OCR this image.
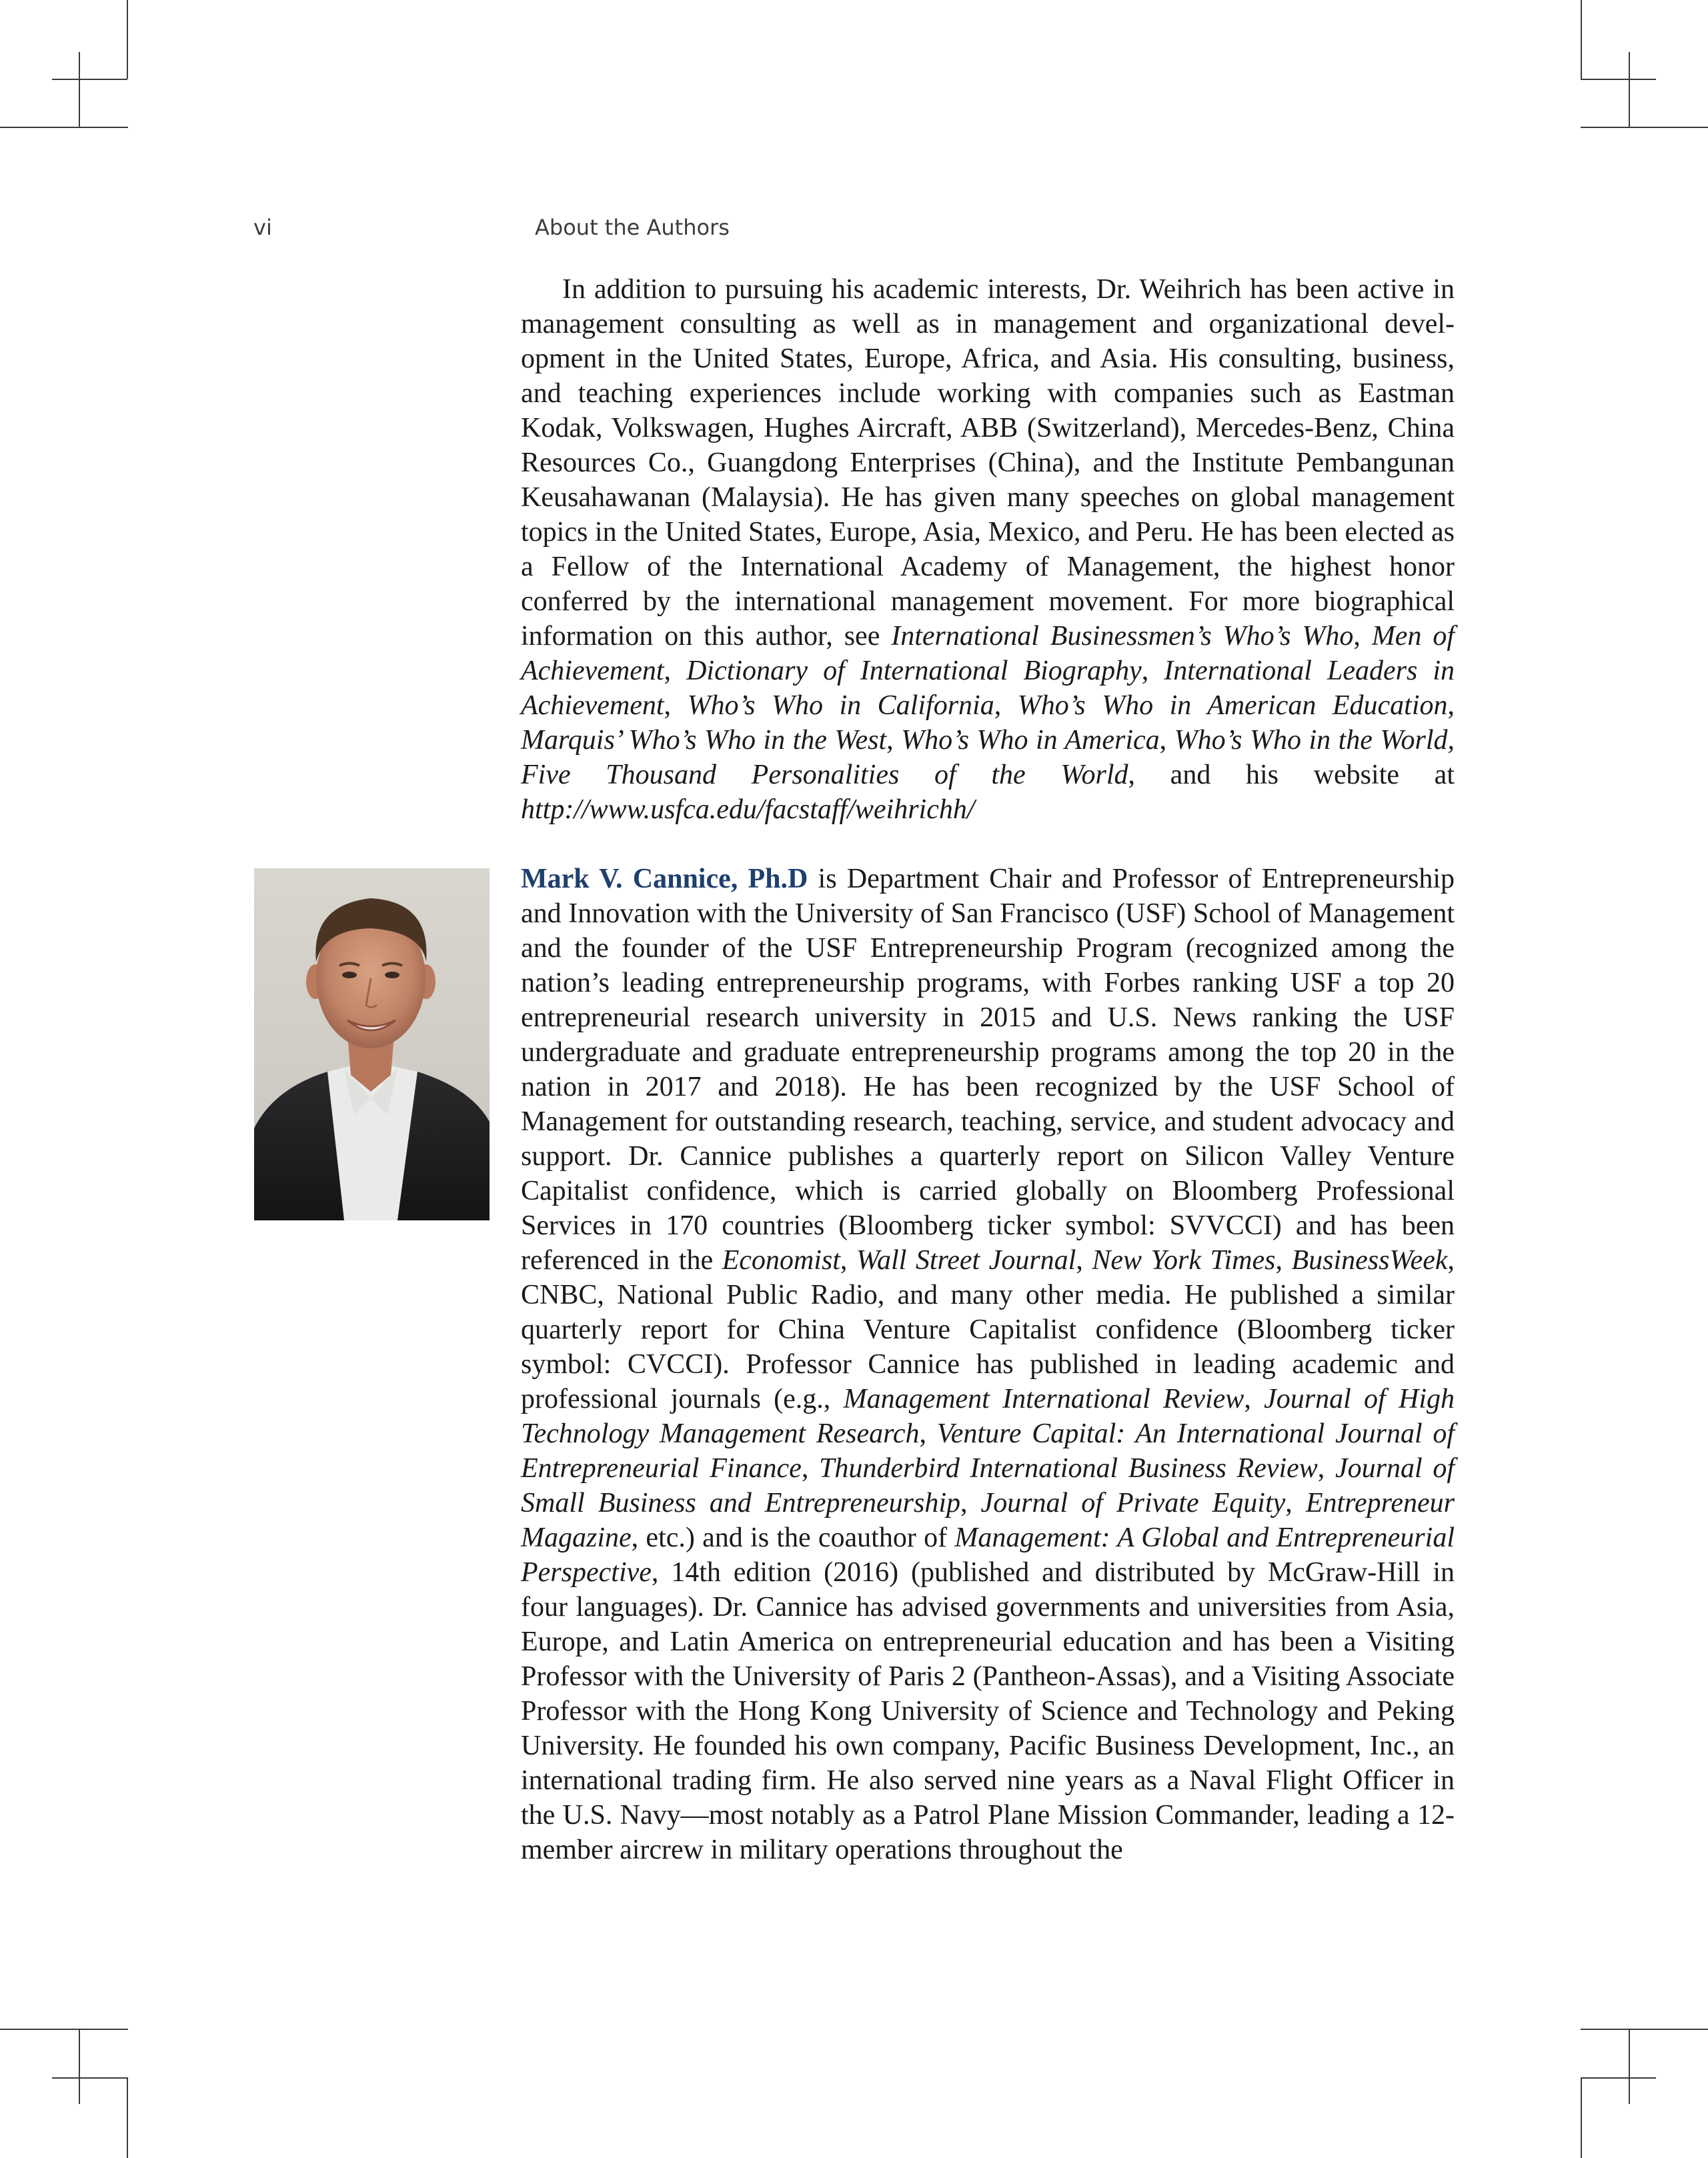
vi	About the Authors

In addition to pursuing his academic interests, Dr. Weihrich has been active in management consulting as well as in management and organizational devel-opment in the United States, Europe, Africa, and Asia. His consulting, business, and teaching experiences include working with companies such as Eastman Kodak, Volkswagen, Hughes Aircraft, ABB (Switzerland), Mercedes-Benz, China Resources Co., Guangdong Enterprises (China), and the Institute Pembangunan Keusahawanan (Malaysia). He has given many speeches on global management topics in the United States, Europe, Asia, Mexico, and Peru. He has been elected as a Fellow of the International Academy of Management, the highest honor conferred by the international management movement. For more biographical information on this author, see International Businessmen’s Who’s Who, Men of Achievement, Dictionary of International Biography, International Leaders in Achievement, Who’s Who in California, Who’s Who in American Education, Marquis’ Who’s Who in the West, Who’s Who in America, Who’s Who in the World, Five Thousand Personalities of the World, and his website at http://www.usfca.edu/facstaff/weihrichh/

Mark V. Cannice, Ph.D is Department Chair and Professor of Entrepreneurship and Innovation with the University of San Francisco (USF) School of Management and the founder of the USF Entrepreneurship Program (recognized among the nation’s leading entrepreneurship programs, with Forbes ranking USF a top 20 entrepreneurial research university in 2015 and U.S. News ranking the USF undergraduate and graduate entrepreneurship programs among the top 20 in the nation in 2017 and 2018). He has been recognized by the USF School of Management for outstanding research, teaching, service, and student advocacy and support. Dr. Cannice publishes a quarterly report on Silicon Valley Venture Capitalist confidence, which is carried globally on Bloomberg Professional Services in 170 countries (Bloomberg ticker symbol: SVVCCI) and has been referenced in the Economist, Wall Street Journal, New York Times, BusinessWeek, CNBC, National Public Radio, and many other media. He published a similar quarterly report for China Venture Capitalist confidence (Bloomberg ticker symbol: CVCCI). Professor Cannice has published in leading academic and professional journals (e.g., Management International Review, Journal of High Technology Management Research, Venture Capital: An International Journal of Entrepreneurial Finance, Thunderbird International Business Review, Journal of Small Business and Entrepreneurship, Journal of Private Equity, Entrepreneur Magazine, etc.) and is the coauthor of Management: A Global and Entrepreneurial Perspective, 14th edition (2016) (published and distributed by McGraw-Hill in four languages). Dr. Cannice has advised governments and universities from Asia, Europe, and Latin America on entrepreneurial education and has been a Visiting Professor with the University of Paris 2 (Pantheon-Assas), and a Visiting Associate Professor with the Hong Kong University of Science and Technology and Peking University. He founded his own company, Pacific Business Development, Inc., an international trading firm. He also served nine years as a Naval Flight Officer in the U.S. Navy—most notably as a Patrol Plane Mission Commander, leading a 12-member aircrew in military operations throughout the
